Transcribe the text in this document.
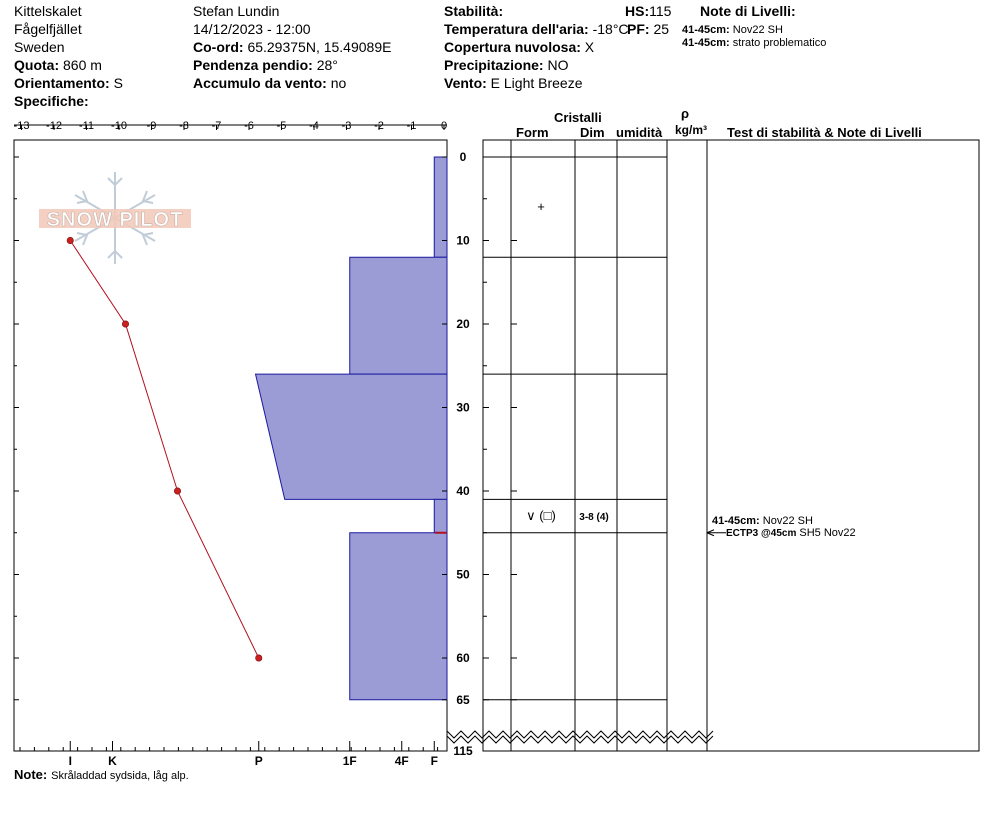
Kittelskalet
Fågelfjället
Sweden
Quota: 860 m
Orientamento: S
Specifiche:
Stefan Lundin
14/12/2023 - 12:00
Co-ord: 65.29375N, 15.49089E
Pendenza pendio: 28°
Accumulo da vento: no
Stabilità:
Temperatura dell'aria: -18°C
Copertura nuvolosa: X
Precipitazione: NO
Vento: E Light Breeze
HS:115
PF: 25
Note di Livelli:
41-45cm: Nov22 SH
41-45cm: strato problematico
Cristalli
Form Dim umidità
ρ
kg/m³ Test di stabilità & Note di Livelli
SNOW PILOT
-13 -12 -11 -10 -9 -8 -7 -6 -5 -4 -3 -2 -1 0
0
10
20
30
40
50
60
65
115
I	K	P	1F	4F F
+
∨ (□) 3-8 (4)	41-45cm: Nov22 SH
ECTP3 @45cm SH5 Nov22
Note: Skråladdad sydsida, låg alp.
